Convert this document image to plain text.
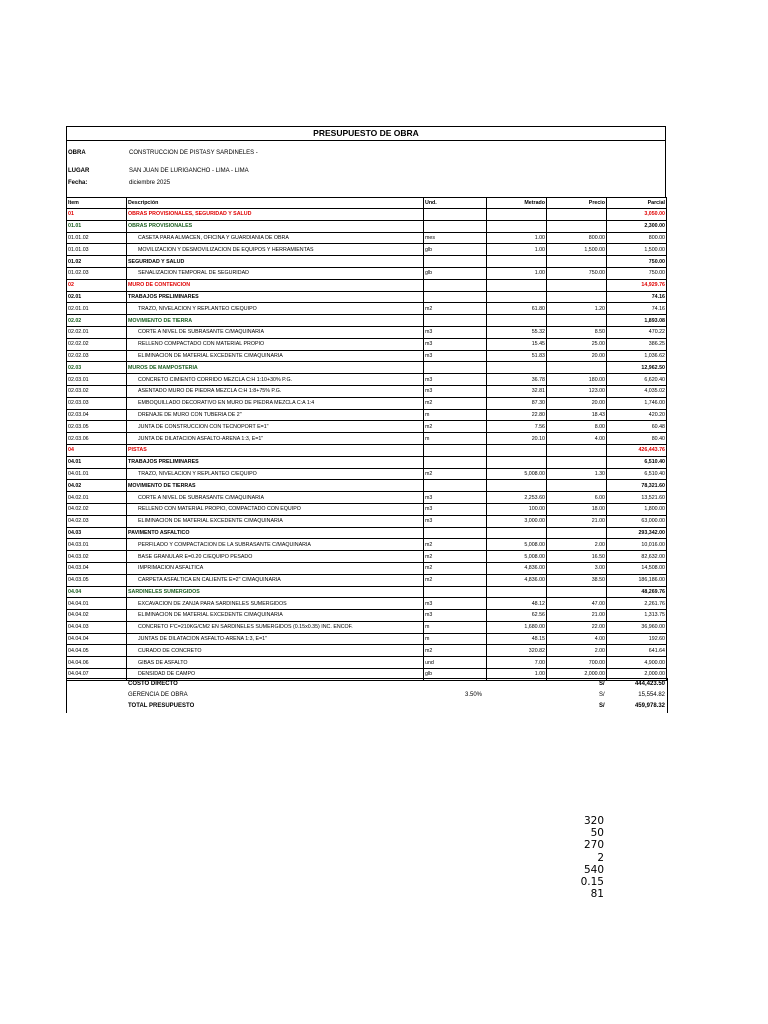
PRESUPUESTO DE OBRA
OBRA	CONSTRUCCION DE PISTASY SARDINELES -
LUGAR	SAN JUAN DE LURIGANCHO - LIMA - LIMA
Fecha:	diciembre 2025
Item	Descripción	Und.	Metrado	Precio	Parcial
01	OBRAS PROVISIONALES, SEGURIDAD Y SALUD				3,050.00
01.01	OBRAS PROVISIONALES				2,300.00
01.01.02	CASETA PARA ALMACEN, OFICINA Y GUARDIANIA DE OBRA	mes	1.00	800.00	800.00
01.01.03	MOVILIZACION Y DESMOVILIZACION DE EQUIPOS Y HERRAMIENTAS	glb	1.00	1,500.00	1,500.00
01.02	SEGURIDAD Y SALUD				750.00
01.02.03	SENALIZACION TEMPORAL DE SEGURIDAD	glb	1.00	750.00	750.00
02	MURO DE CONTENCION				14,929.76
02.01	TRABAJOS PRELIMINARES				74.16
02.01.01	TRAZO, NIVELACION Y REPLANTEO C/EQUIPO	m2	61.80	1.20	74.16
02.02	MOVIMIENTO DE TIERRA				1,893.08
02.02.01	CORTE A NIVEL DE SUBRASANTE C/MAQUINARIA	m3	55.32	8.50	470.22
02.02.02	RELLENO COMPACTADO CON MATERIAL PROPIO	m3	15.45	25.00	386.25
02.02.03	ELIMINACION DE MATERIAL EXCEDENTE C/MAQUINARIA	m3	51.83	20.00	1,036.62
02.03	MUROS DE MAMPOSTERIA				12,962.50
02.03.01	CONCRETO CIMIENTO CORRIDO MEZCLA C:H 1:10+30% P.G.	m3	36.78	180.00	6,620.40
02.03.02	ASENTADO MURO DE PIEDRA MEZCLA C:H 1:8+75% P.G.	m3	32.81	123.00	4,035.02
02.03.03	EMBOQUILLADO DECORATIVO EN MURO DE PIEDRA MEZCLA C:A 1:4	m2	87.30	20.00	1,746.00
02.03.04	DRENAJE DE MURO CON TUBERIA DE 2"	m	22.80	18.43	420.20
02.03.05	JUNTA DE CONSTRUCCION CON TECNOPORT E=1"	m2	7.56	8.00	60.48
02.03.06	JUNTA DE DILATACION ASFALTO-ARENA 1:3, E=1"	m	20.10	4.00	80.40
04	PISTAS				426,443.76
04.01	TRABAJOS PRELIMINARES				6,510.40
04.01.01	TRAZO, NIVELACION Y REPLANTEO C/EQUIPO	m2	5,008.00	1.30	6,510.40
04.02	MOVIMIENTO DE TIERRAS				78,321.60
04.02.01	CORTE A NIVEL DE SUBRASANTE C/MAQUINARIA	m3	2,253.60	6.00	13,521.60
04.02.02	RELLENO CON MATERIAL PROPIO, COMPACTADO CON EQUIPO	m3	100.00	18.00	1,800.00
04.02.03	ELIMINACION DE MATERIAL EXCEDENTE C/MAQUINARIA	m3	3,000.00	21.00	63,000.00
04.03	PAVIMENTO ASFALTICO				293,342.00
04.03.01	PERFILADO Y COMPACTACION DE LA SUBRASANTE C/MAQUINARIA	m2	5,008.00	2.00	10,016.00
04.03.02	BASE GRANULAR E=0.20 C/EQUIPO PESADO	m2	5,008.00	16.50	82,632.00
04.03.04	IMPRIMACION ASFALTICA	m2	4,836.00	3.00	14,508.00
04.03.05	CARPETA ASFALTICA EN CALIENTE E=2" C/MAQUINARIA	m2	4,836.00	38.50	186,186.00
04.04	SARDINELES SUMERGIDOS				48,269.76
04.04.01	EXCAVACION DE ZANJA PARA SARDINELES SUMERGIDOS	m3	48.12	47.00	2,261.76
04.04.02	ELIMINACION DE MATERIAL EXCEDENTE C/MAQUINARIA	m3	62.56	21.00	1,313.75
04.04.03	CONCRETO F'C=210KG/CM2 EN SARDINELES SUMERGIDOS (0.15x0.35) INC. ENCOF.	m	1,680.00	22.00	36,960.00
04.04.04	JUNTAS DE DILATACION ASFALTO-ARENA 1:3, E=1"	m	48.15	4.00	192.60
04.04.05	CURADO DE CONCRETO	m2	320.82	2.00	641.64
04.04.06	GIBAS DE ASFALTO	und	7.00	700.00	4,900.00
04.04.07	DENSIDAD DE CAMPO	glb	1.00	2,000.00	2,000.00
COSTO DIRECTO	S/	444,423.50
GERENCIA DE OBRA	3.50%	S/	15,554.82
TOTAL PRESUPUESTO	S/	459,978.32
320
50
270
2
540
0.15
81
